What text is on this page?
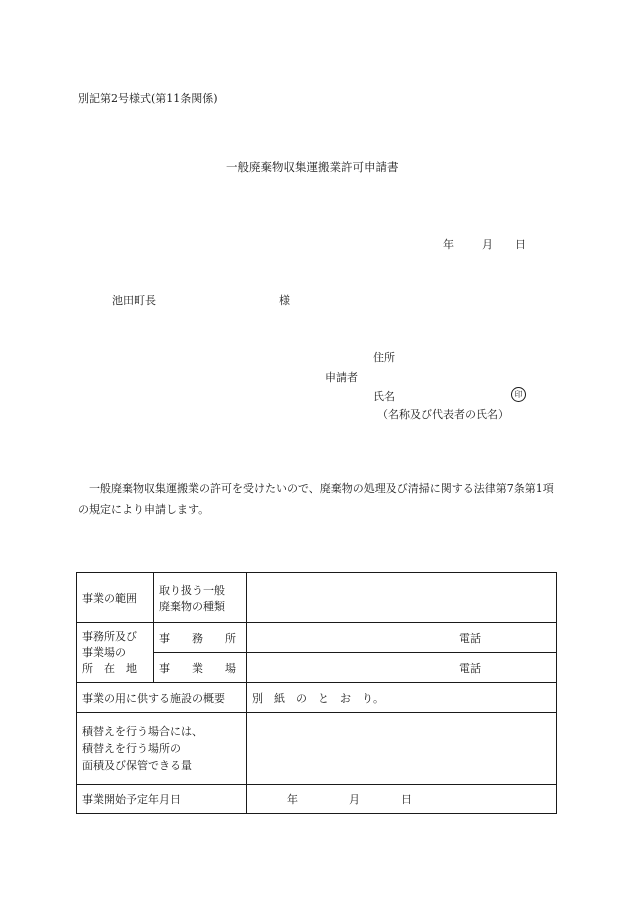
別記第2号様式(第11条関係)
一般廃棄物収集運搬業許可申請書
年	月 日
池田町長	様
住所
申請者
氏名	印
（名称及び代表者の氏名）
一般廃棄物収集運搬業の許可を受けたいので、廃棄物の処理及び清掃に関する法律第7条第1項の規定により申請します。
事業の範囲	取り扱う一般
廃棄物の種類	

事務所及び
事業場の
所　在　地	事　　務　　所	電話
	事　　業　　場	電話
事業の用に供する施設の概要		別　紙　の　と　お　り。

積替えを行う場合には、
積替えを行う場所の
面積及び保管できる量		

事業開始予定年月日		年 月 日
